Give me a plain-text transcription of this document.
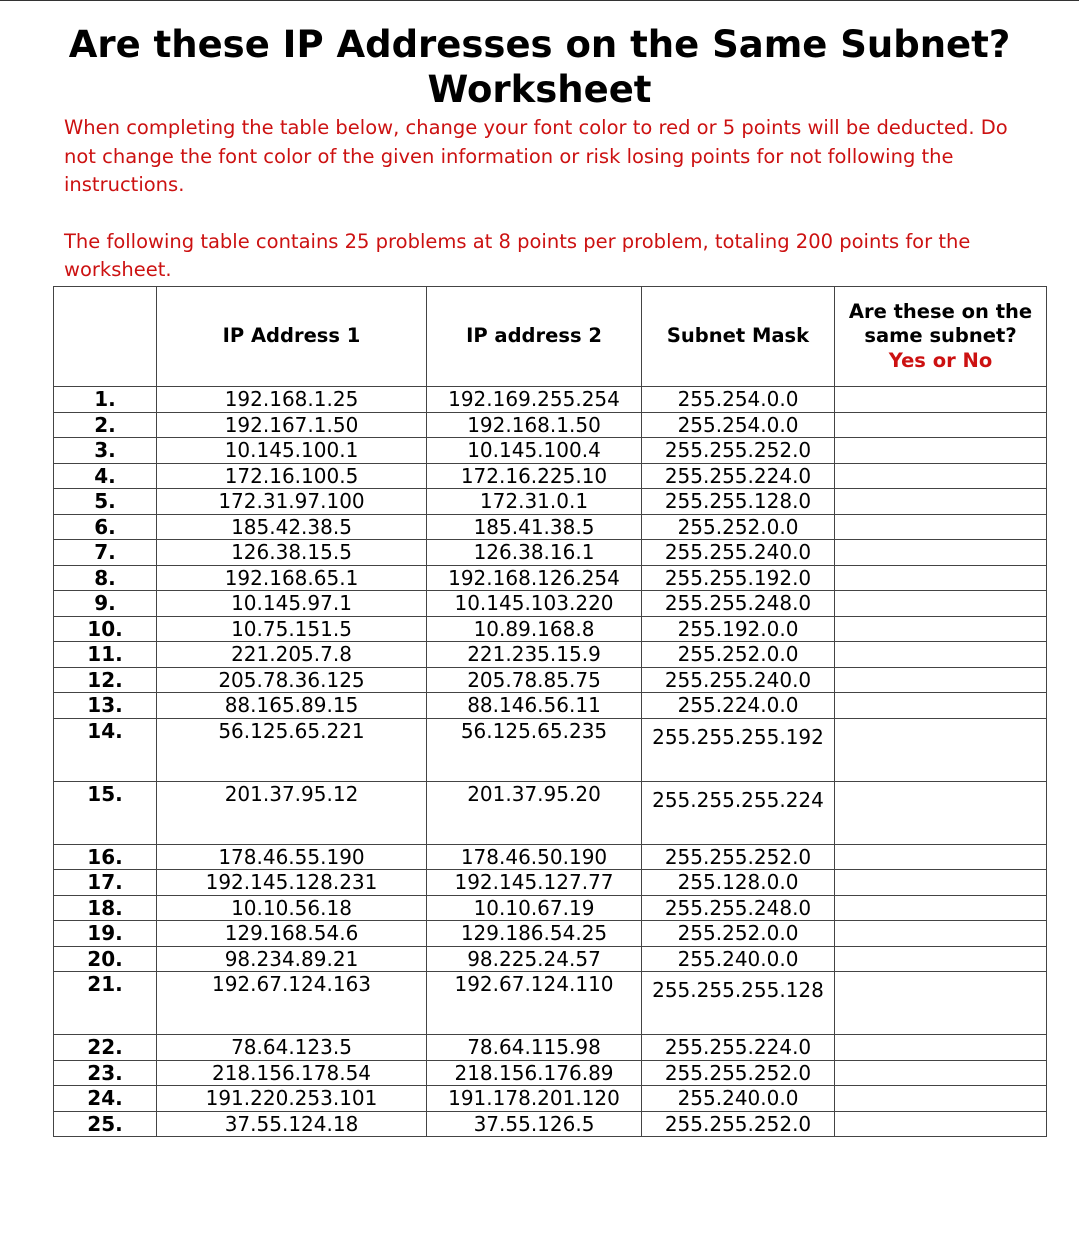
Are these IP Addresses on the Same Subnet?
Worksheet

When completing the table below, change your font color to red or 5 points will be deducted. Do not change the font color of the given information or risk losing points for not following the instructions.

The following table contains 25 problems at 8 points per problem, totaling 200 points for the worksheet.

	IP Address 1	IP address 2	Subnet Mask	Are these on the same subnet?
Yes or No

1.	192.168.1.25	192.169.255.254	255.254.0.0	
2.	192.167.1.50	192.168.1.50	255.254.0.0	
3.	10.145.100.1	10.145.100.4	255.255.252.0	
4.	172.16.100.5	172.16.225.10	255.255.224.0	
5.	172.31.97.100	172.31.0.1	255.255.128.0	
6.	185.42.38.5	185.41.38.5	255.252.0.0	
7.	126.38.15.5	126.38.16.1	255.255.240.0	
8.	192.168.65.1	192.168.126.254	255.255.192.0	
9.	10.145.97.1	10.145.103.220	255.255.248.0	
10.	10.75.151.5	10.89.168.8	255.192.0.0	
11.	221.205.7.8	221.235.15.9	255.252.0.0	
12.	205.78.36.125	205.78.85.75	255.255.240.0	
13.	88.165.89.15	88.146.56.11	255.224.0.0	
14.	56.125.65.221	56.125.65.235	255.255.255.192	
15.	201.37.95.12	201.37.95.20	255.255.255.224	
16.	178.46.55.190	178.46.50.190	255.255.252.0	
17.	192.145.128.231	192.145.127.77	255.128.0.0	
18.	10.10.56.18	10.10.67.19	255.255.248.0	
19.	129.168.54.6	129.186.54.25	255.252.0.0	
20.	98.234.89.21	98.225.24.57	255.240.0.0	
21.	192.67.124.163	192.67.124.110	255.255.255.128	
22.	78.64.123.5	78.64.115.98	255.255.224.0	
23.	218.156.178.54	218.156.176.89	255.255.252.0	
24.	191.220.253.101	191.178.201.120	255.240.0.0	
25.	37.55.124.18	37.55.126.5	255.255.252.0	
